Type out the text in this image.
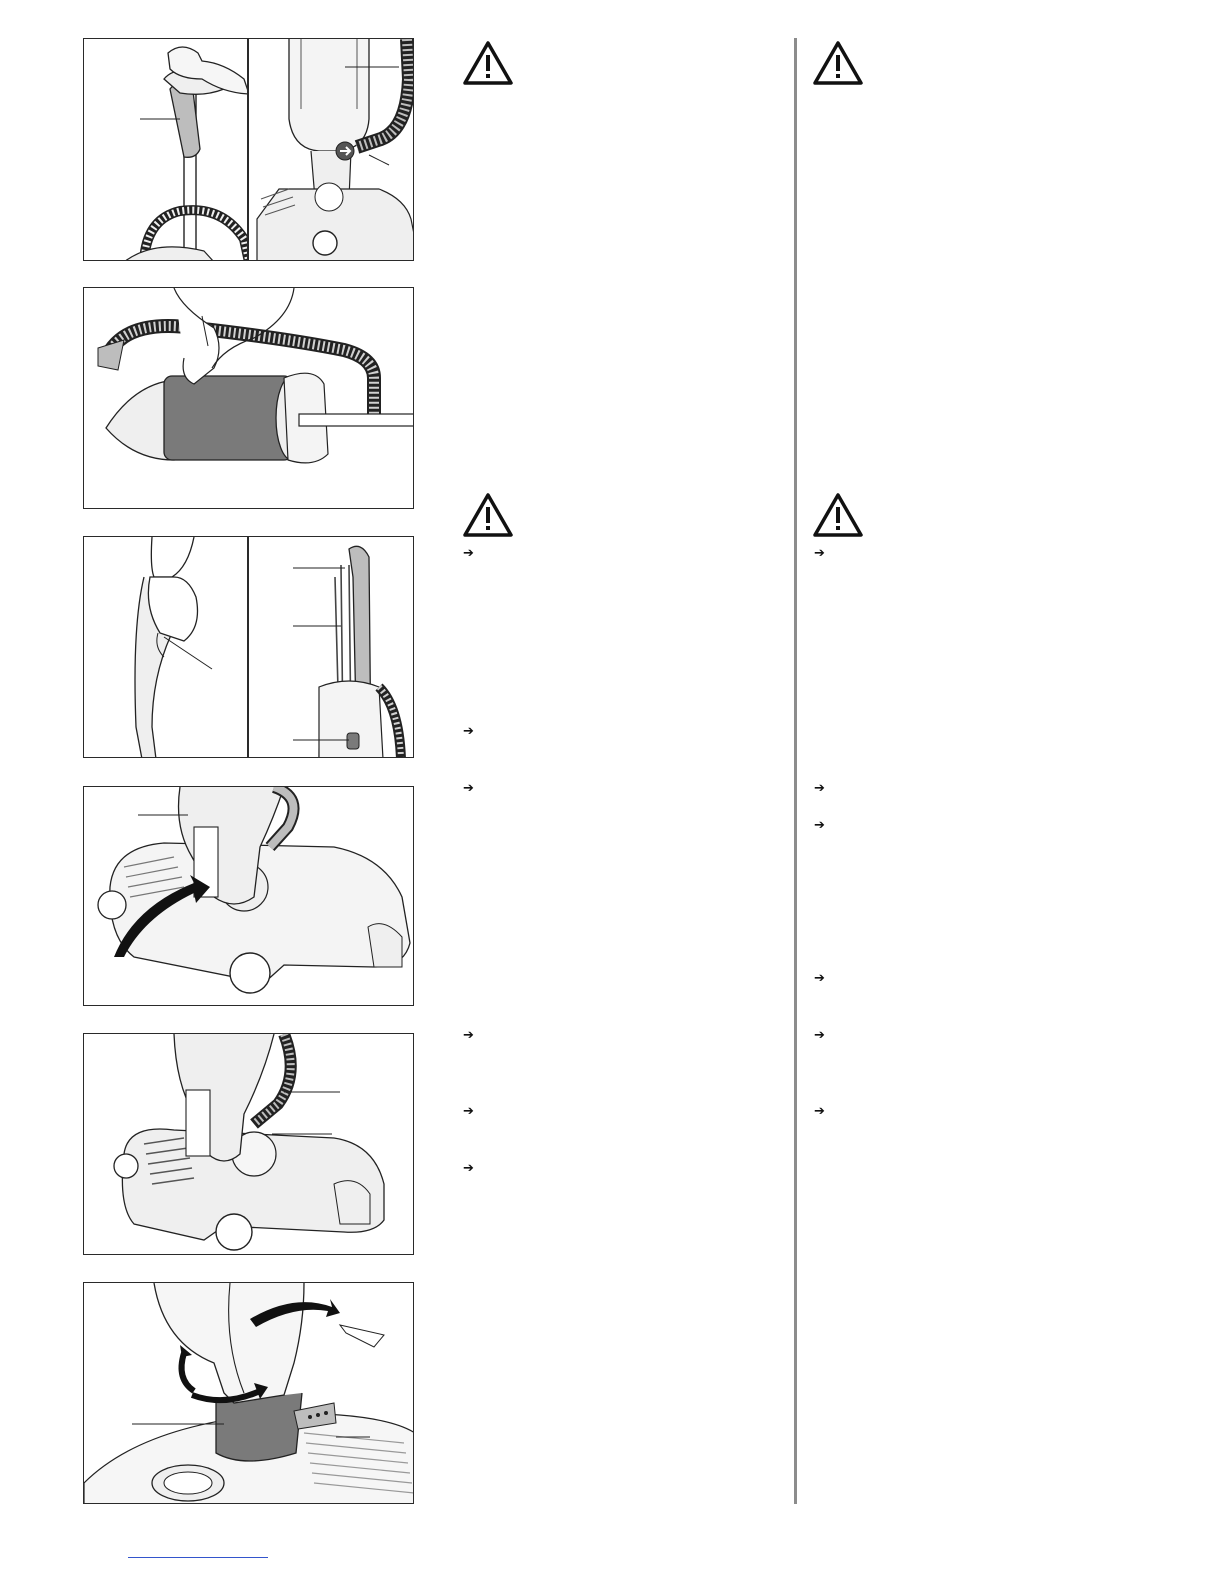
➔
➔
➔
➔
➔
➔
➔
➔
➔
➔
➔
➔
